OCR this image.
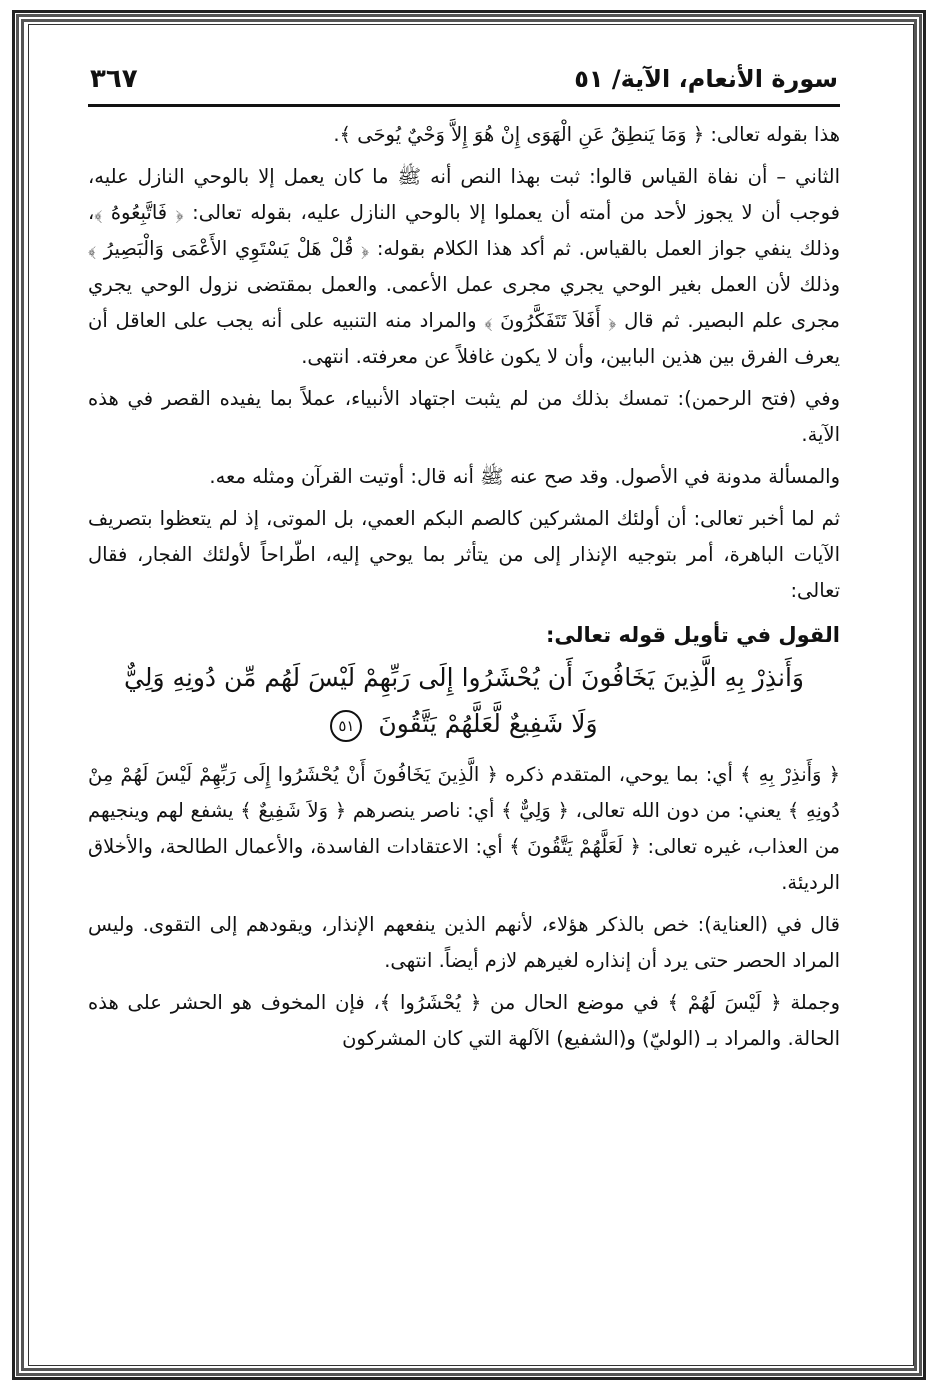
سورة الأنعام، الآية/ ٥١
٣٦٧

هذا بقوله تعالى: ﴿ وَمَا يَنطِقُ عَنِ الْهَوَى إِنْ هُوَ إِلاَّ وَحْيٌ يُوحَى ﴾.

الثاني – أن نفاة القياس قالوا: ثبت بهذا النص أنه ﷺ ما كان يعمل إلا بالوحي النازل عليه، فوجب أن لا يجوز لأحد من أمته أن يعملوا إلا بالوحي النازل عليه، بقوله تعالى: ﴿ فَاتَّبِعُوهُ ﴾، وذلك ينفي جواز العمل بالقياس. ثم أكد هذا الكلام بقوله: ﴿ قُلْ هَلْ يَسْتَوِي الأَعْمَى وَالْبَصِيرُ ﴾ وذلك لأن العمل بغير الوحي يجري مجرى عمل الأعمى. والعمل بمقتضى نزول الوحي يجري مجرى علم البصير. ثم قال ﴿ أَفَلاَ تَتَفَكَّرُونَ ﴾ والمراد منه التنبيه على أنه يجب على العاقل أن يعرف الفرق بين هذين البابين، وأن لا يكون غافلاً عن معرفته. انتهى.

وفي (فتح الرحمن): تمسك بذلك من لم يثبت اجتهاد الأنبياء، عملاً بما يفيده القصر في هذه الآية.

والمسألة مدونة في الأصول. وقد صح عنه ﷺ أنه قال: أوتيت القرآن ومثله معه.

ثم لما أخبر تعالى: أن أولئك المشركين كالصم البكم العمي، بل الموتى، إذ لم يتعظوا بتصريف الآيات الباهرة، أمر بتوجيه الإنذار إلى من يتأثر بما يوحي إليه، اطّراحاً لأولئك الفجار، فقال تعالى:

القول في تأويل قوله تعالى:
وَأَنذِرْ بِهِ الَّذِينَ يَخَافُونَ أَن يُحْشَرُوا إِلَى رَبِّهِمْ لَيْسَ لَهُم مِّن دُونِهِ وَلِيٌّ
وَلَا شَفِيعٌ لَّعَلَّهُمْ يَتَّقُونَ ٥١

﴿ وَأَنذِرْ بِهِ ﴾ أي: بما يوحي، المتقدم ذكره ﴿ الَّذِينَ يَخَافُونَ أَنْ يُحْشَرُوا إِلَى رَبِّهِمْ لَيْسَ لَهُمْ مِنْ دُونِهِ ﴾ يعني: من دون الله تعالى، ﴿ وَلِيٌّ ﴾ أي: ناصر ينصرهم ﴿ وَلاَ شَفِيعٌ ﴾ يشفع لهم وينجيهم من العذاب، غيره تعالى: ﴿ لَعَلَّهُمْ يَتَّقُونَ ﴾ أي: الاعتقادات الفاسدة، والأعمال الطالحة، والأخلاق الرديئة.

قال في (العناية): خص بالذكر هؤلاء، لأنهم الذين ينفعهم الإنذار، ويقودهم إلى التقوى. وليس المراد الحصر حتى يرد أن إنذاره لغيرهم لازم أيضاً. انتهى.

وجملة ﴿ لَيْسَ لَهُمْ ﴾ في موضع الحال من ﴿ يُحْشَرُوا ﴾، فإن المخوف هو الحشر على هذه الحالة. والمراد بـ (الوليّ) و(الشفيع) الآلهة التي كان المشركون
